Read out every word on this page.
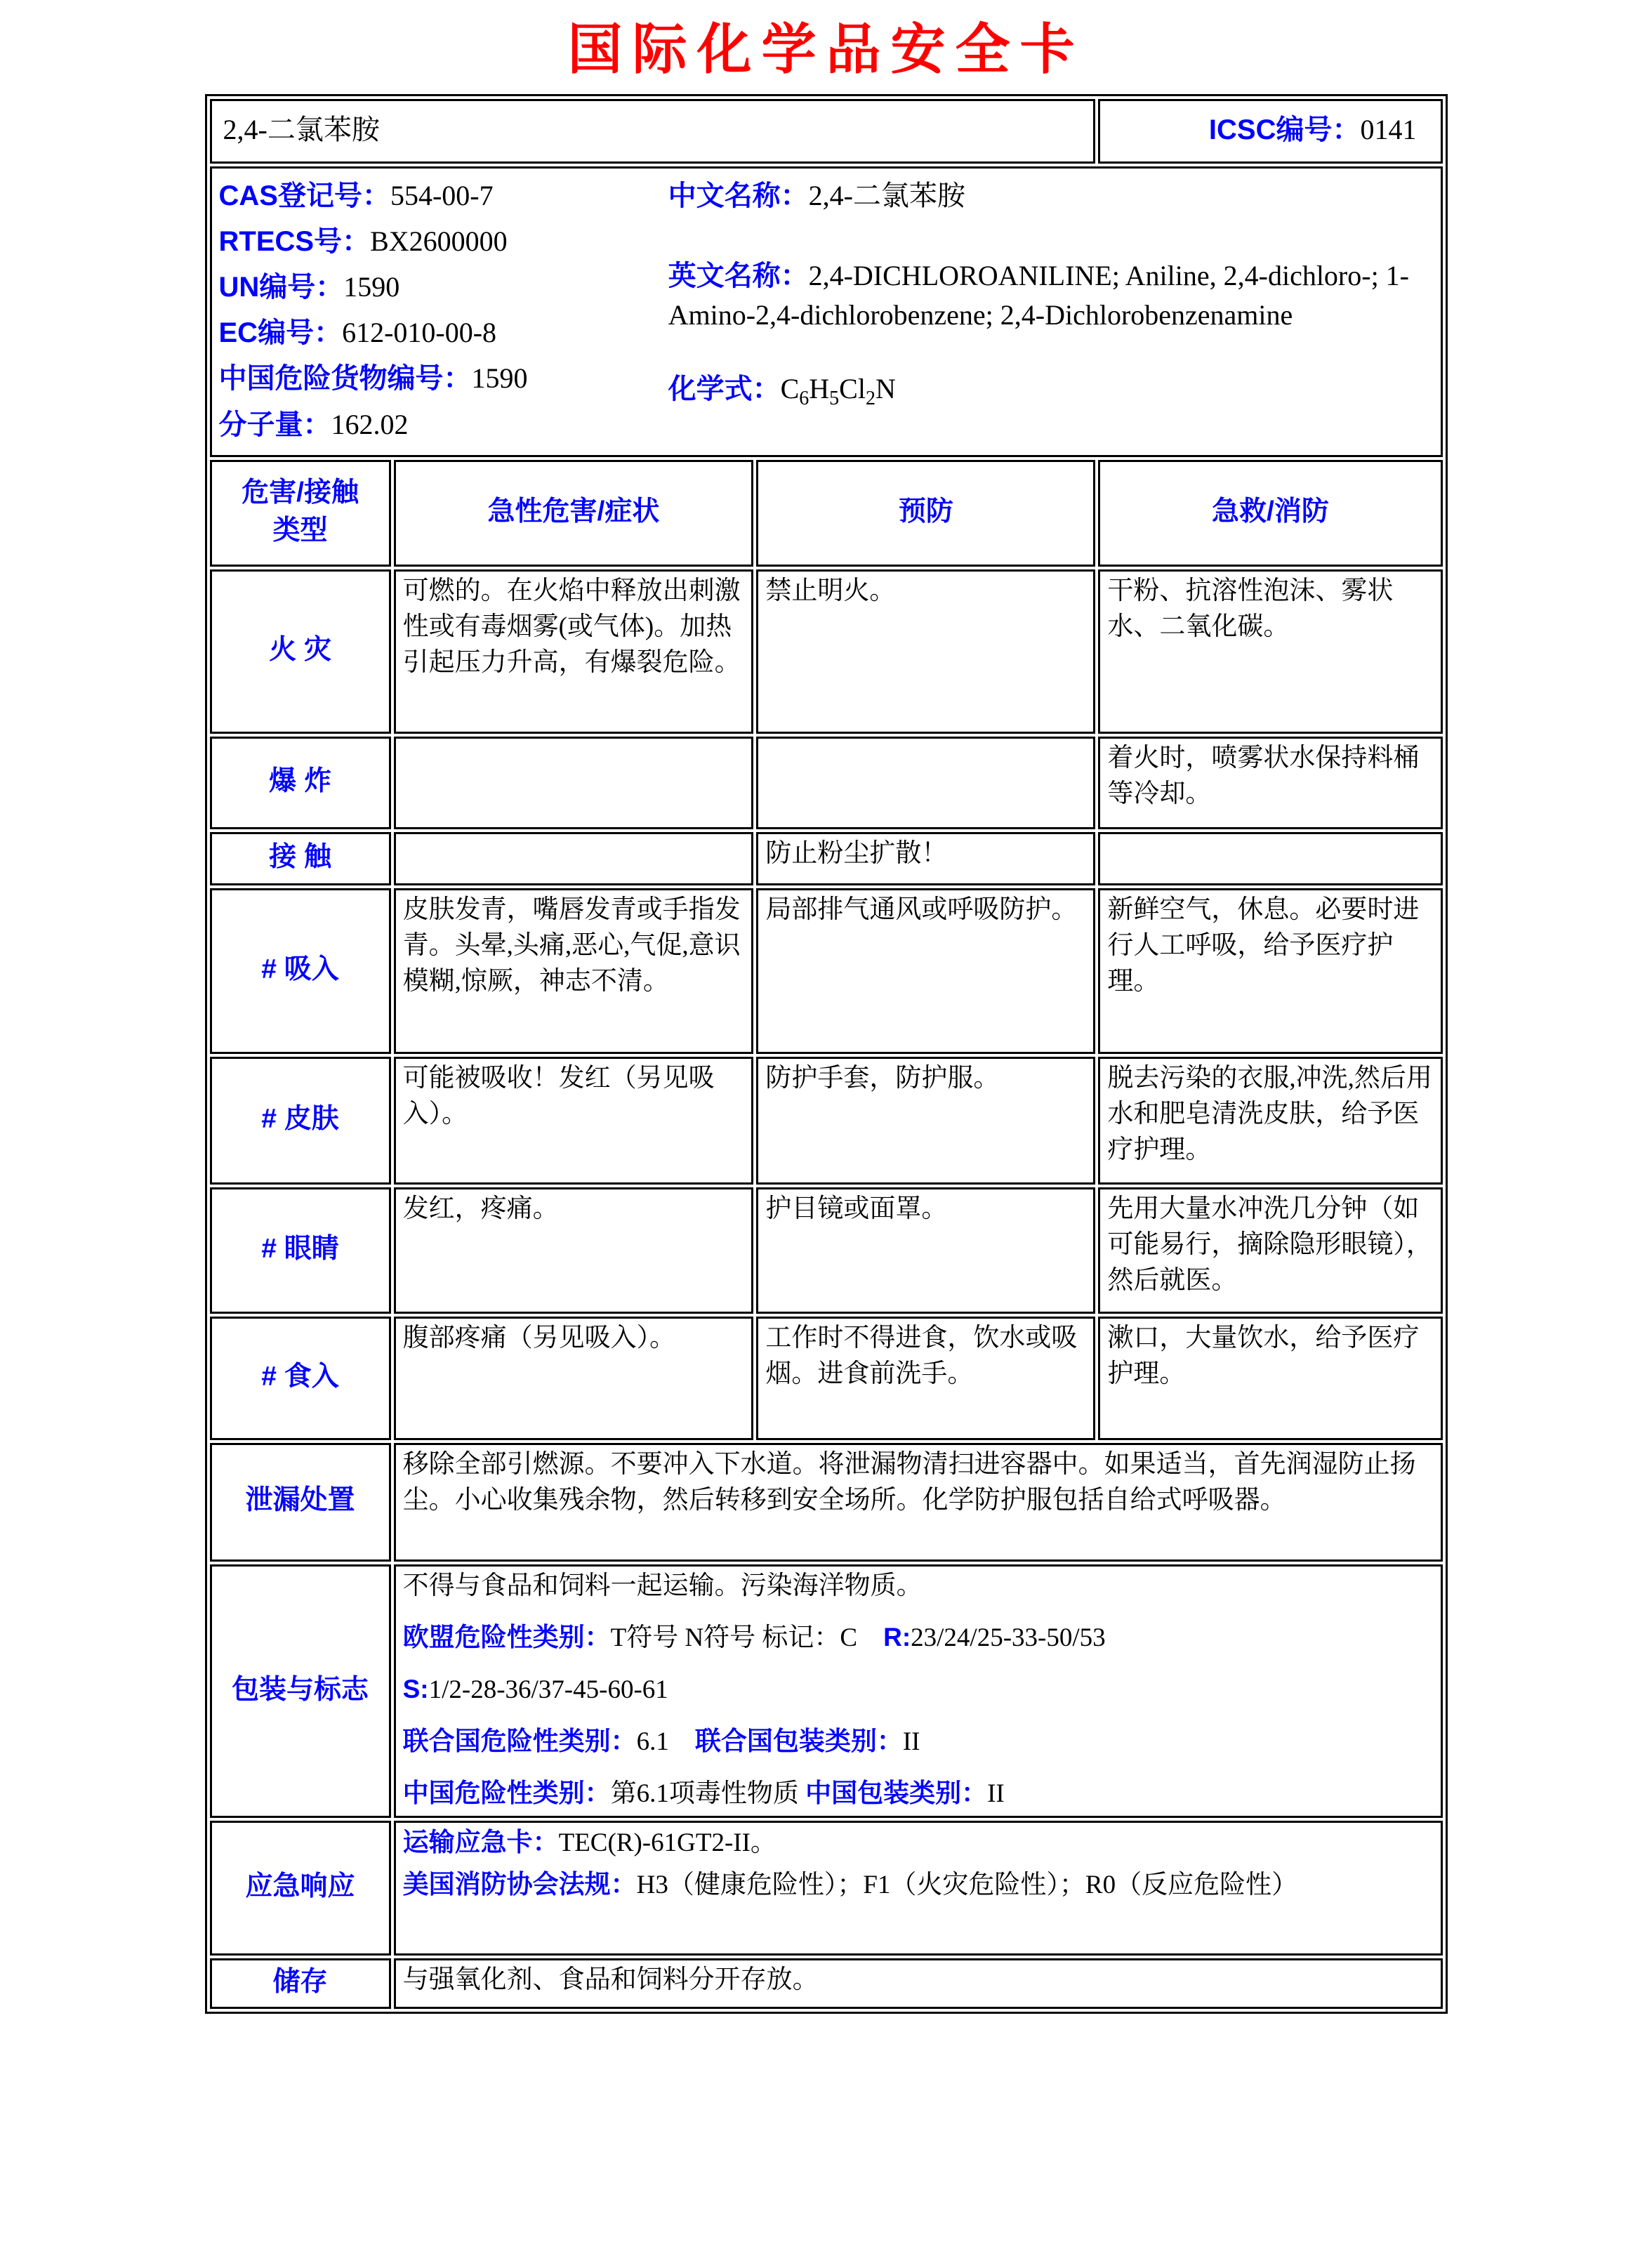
国际化学品安全卡
2,4-二氯苯胺			ICSC编号：0141

CAS登记号：554-00-7
RTECS号：BX2600000
UN编号：1590
EC编号：612-010-00-8
中国危险货物编号：1590
分子量：162.02
中文名称：2,4-二氯苯胺
英文名称：2,4-DICHLOROANILINE; Aniline, 2,4-dichloro-; 1-Amino-2,4-dichlorobenzene; 2,4-Dichlorobenzenamine
化学式：$C_6H_5Cl_2N$

危害/接触
类型	急性危害/症状	预防	急救/消防
火 灾	可燃的。在火焰中释放出刺激性或有毒烟雾(或气体)。加热引起压力升高，有爆裂危险。	禁止明火。	干粉、抗溶性泡沫、雾状水、二氧化碳。
爆 炸			着火时，喷雾状水保持料桶等冷却。
接 触		防止粉尘扩散！	
# 吸入	皮肤发青，嘴唇发青或手指发青。头晕,头痛,恶心,气促,意识模糊,惊厥，神志不清。	局部排气通风或呼吸防护。	新鲜空气，休息。必要时进行人工呼吸，给予医疗护理。
# 皮肤	可能被吸收！发红（另见吸入）。	防护手套，防护服。	脱去污染的衣服,冲洗,然后用水和肥皂清洗皮肤，给予医疗护理。
# 眼睛	发红，疼痛。	护目镜或面罩。	先用大量水冲洗几分钟（如可能易行，摘除隐形眼镜），然后就医。
# 食入	腹部疼痛（另见吸入）。	工作时不得进食，饮水或吸烟。进食前洗手。	漱口，大量饮水，给予医疗护理。
泄漏处置	移除全部引燃源。不要冲入下水道。将泄漏物清扫进容器中。如果适当，首先润湿防止扬尘。小心收集残余物，然后转移到安全场所。化学防护服包括自给式呼吸器。		
包装与标志	不得与食品和饲料一起运输。污染海洋物质。
欧盟危险性类别：T符号 N符号 标记：C　 R:23/24/25-33-50/53
S:1/2-28-36/37-45-60-61
联合国危险性类别：6.1　 联合国包装类别：II
中国危险性类别：第6.1项毒性物质 中国包装类别：II		

应急响应	运输应急卡：TEC(R)-61GT2-II。
美国消防协会法规：H3（健康危险性）；F1（火灾危险性）；R0（反应危险性）		

储存	与强氧化剂、食品和饲料分开存放。		
